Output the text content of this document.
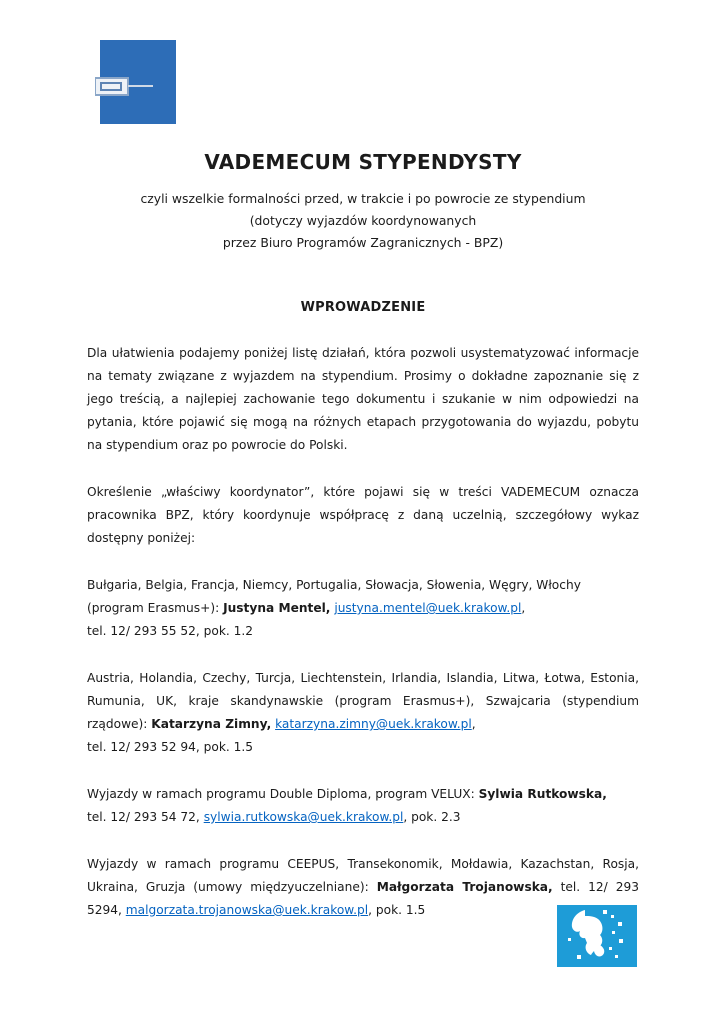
VADEMECUM STYPENDYSTY
czyli wszelkie formalności przed, w trakcie i po powrocie ze stypendium
(dotyczy wyjazdów koordynowanych
przez Biuro Programów Zagranicznych - BPZ)
WPROWADZENIE

Dla ułatwienia podajemy poniżej listę działań, która pozwoli usystematyzować informacje na tematy związane z wyjazdem na stypendium. Prosimy o dokładne zapoznanie się z jego treścią, a najlepiej zachowanie tego dokumentu i szukanie w nim odpowiedzi na pytania, które pojawić się mogą na różnych etapach przygotowania do wyjazdu, pobytu na stypendium oraz po powrocie do Polski.

Określenie „właściwy koordynator”, które pojawi się w treści VADEMECUM oznacza pracownika BPZ, który koordynuje współpracę z daną uczelnią, szczegółowy wykaz dostępny poniżej:

Bułgaria, Belgia, Francja, Niemcy, Portugalia, Słowacja, Słowenia, Węgry, Włochy
(program Erasmus+): Justyna Mentel, justyna.mentel@uek.krakow.pl,
tel. 12/ 293 55 52, pok. 1.2

Austria, Holandia, Czechy, Turcja, Liechtenstein, Irlandia, Islandia, Litwa, Łotwa, Estonia, Rumunia, UK, kraje skandynawskie (program Erasmus+), Szwajcaria (stypendium rządowe): Katarzyna Zimny, katarzyna.zimny@uek.krakow.pl,
tel. 12/ 293 52 94, pok. 1.5

Wyjazdy w ramach programu Double Diploma, program VELUX: Sylwia Rutkowska,
tel. 12/ 293 54 72, sylwia.rutkowska@uek.krakow.pl, pok. 2.3

Wyjazdy w ramach programu CEEPUS, Transekonomik, Mołdawia, Kazachstan, Rosja, Ukraina, Gruzja (umowy międzyuczelniane): Małgorzata Trojanowska, tel. 12/ 293 5294, malgorzata.trojanowska@uek.krakow.pl, pok. 1.5
